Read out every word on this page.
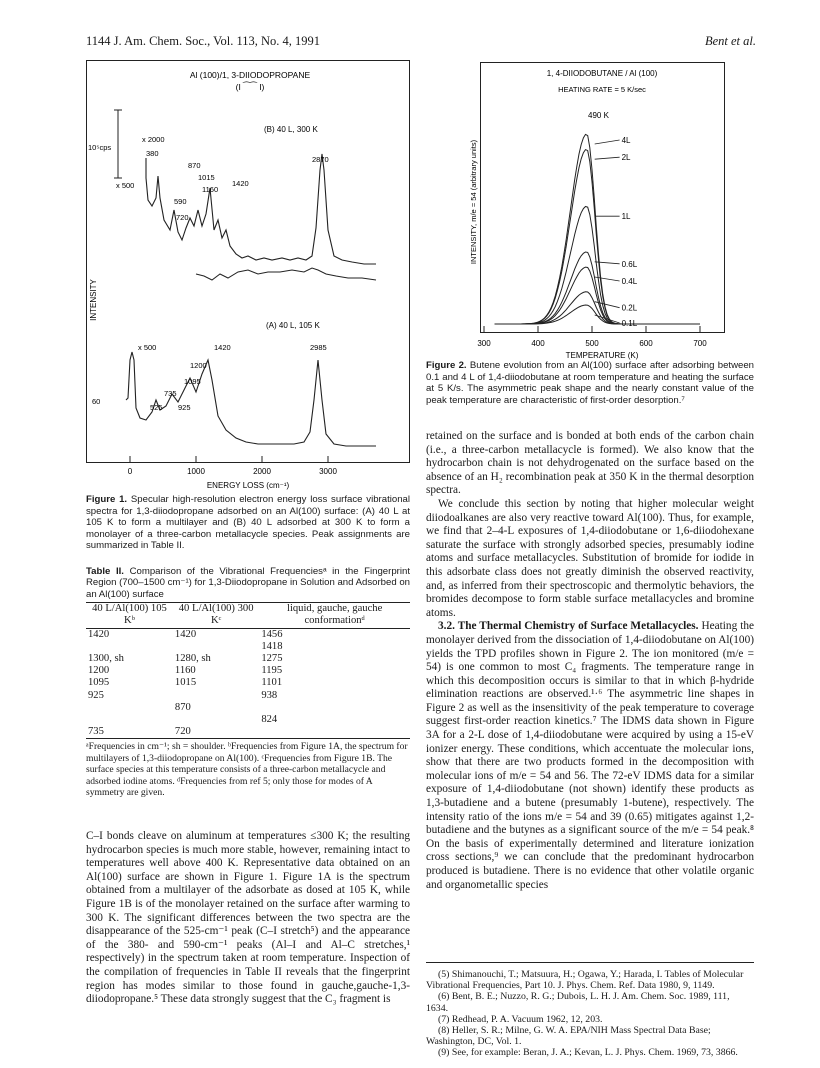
1144 J. Am. Chem. Soc., Vol. 113, No. 4, 1991	Bent et al.
Al (100)/1, 3-DIIODOPROPANE
(I ⁀⁀ I)
INTENSITY
10⁵cps
(B) 40 L, 300 K
x 2000
x 500
380
590
720
870
1015
1160
1420
2870
(A) 40 L, 105 K
x 500
60
525
735
925
1095
1200
1420	2985
0	1000	2000	3000
ENERGY LOSS (cm⁻¹)
Figure 1. Specular high-resolution electron energy loss surface vibrational spectra for 1,3-diiodopropane adsorbed on an Al(100) surface: (A) 40 L at 105 K to form a multilayer and (B) 40 L adsorbed at 300 K to form a monolayer of a three-carbon metallacycle species. Peak assignments are summarized in Table II.
Table II. Comparison of the Vibrational Frequenciesᵃ in the Fingerprint Region (700–1500 cm⁻¹) for 1,3-Diiodopropane in Solution and Adsorbed on an Al(100) surface
40 L/Al(100) 105 Kᵇ	40 L/Al(100) 300 Kᶜ	liquid, gauche, gauche conformationᵈ
1420	1420	1456
		1418
1300, sh	1280, sh	1275
1200	1160	1195
1095	1015	1101
925		938
	870	
		824
735	720	
ᵃFrequencies in cm⁻¹; sh = shoulder. ᵇFrequencies from Figure 1A, the spectrum for multilayers of 1,3-diiodopropane on Al(100). ᶜFrequencies from Figure 1B. The surface species at this temperature consists of a three-carbon metallacycle and adsorbed iodine atoms. ᵈFrequencies from ref 5; only those for modes of A symmetry are given.

C–I bonds cleave on aluminum at temperatures ≤300 K; the resulting hydrocarbon species is much more stable, however, remaining intact to temperatures well above 400 K. Representative data obtained on an Al(100) surface are shown in Figure 1. Figure 1A is the spectrum obtained from a multilayer of the adsorbate as dosed at 105 K, while Figure 1B is of the monolayer retained on the surface after warming to 300 K. The significant differences between the two spectra are the disappearance of the 525-cm⁻¹ peak (C–I stretch⁵) and the appearance of the 380- and 590-cm⁻¹ peaks (Al–I and Al–C stretches,¹ respectively) in the spectrum taken at room temperature. Inspection of the compilation of frequencies in Table II reveals that the fingerprint region has modes similar to those found in gauche,gauche-1,3-diiodopropane.⁵ These data strongly suggest that the C₃ fragment is

1, 4-DIIODOBUTANE / Al (100)
HEATING RATE = 5 K/sec
INTENSITY, m/e = 54 (arbitrary units)
490 K
4L
2L
1L
0.6L
0.4L
0.2L
0.1L
300	400	500	600	700
TEMPERATURE (K)
Figure 2. Butene evolution from an Al(100) surface after adsorbing between 0.1 and 4 L of 1,4-diiodobutane at room temperature and heating the surface at 5 K/s. The asymmetric peak shape and the nearly constant value of the peak temperature are characteristic of first-order desorption.⁷

retained on the surface and is bonded at both ends of the carbon chain (i.e., a three-carbon metallacycle is formed). We also know that the hydrocarbon chain is not dehydrogenated on the surface based on the absence of an H₂ recombination peak at 350 K in the thermal desorption spectra.

We conclude this section by noting that higher molecular weight diiodoalkanes are also very reactive toward Al(100). Thus, for example, we find that 2–4-L exposures of 1,4-diiodobutane or 1,6-diiodohexane saturate the surface with strongly adsorbed species, presumably iodine atoms and surface metallacycles. Substitution of bromide for iodide in this adsorbate class does not greatly diminish the observed reactivity, and, as inferred from their spectroscopic and thermolytic behaviors, the bromides decompose to form stable surface metallacycles and bromine atoms.

3.2. The Thermal Chemistry of Surface Metallacycles. Heating the monolayer derived from the dissociation of 1,4-diiodobutane on Al(100) yields the TPD profiles shown in Figure 2. The ion monitored (m/e = 54) is one common to most C₄ fragments. The temperature range in which this decomposition occurs is similar to that in which β-hydride elimination reactions are observed.¹·⁶ The asymmetric line shapes in Figure 2 as well as the insensitivity of the peak temperature to coverage suggest first-order reaction kinetics.⁷ The IDMS data shown in Figure 3A for a 2-L dose of 1,4-diiodobutane were acquired by using a 15-eV ionizer energy. These conditions, which accentuate the molecular ions, show that there are two products formed in the decomposition with molecular ions of m/e = 54 and 56. The 72-eV IDMS data for a similar exposure of 1,4-diiodobutane (not shown) identify these products as 1,3-butadiene and a butene (presumably 1-butene), respectively. The intensity ratio of the ions m/e = 54 and 39 (0.65) mitigates against 1,2-butadiene and the butynes as a significant source of the m/e = 54 peak.⁸ On the basis of experimentally determined and literature ionization cross sections,⁹ we can conclude that the predominant hydrocarbon produced is butadiene. There is no evidence that other volatile organic and organometallic species

(5) Shimanouchi, T.; Matsuura, H.; Ogawa, Y.; Harada, I. Tables of Molecular Vibrational Frequencies, Part 10. J. Phys. Chem. Ref. Data 1980, 9, 1149.
(6) Bent, B. E.; Nuzzo, R. G.; Dubois, L. H. J. Am. Chem. Soc. 1989, 111, 1634.
(7) Redhead, P. A. Vacuum 1962, 12, 203.
(8) Heller, S. R.; Milne, G. W. A. EPA/NIH Mass Spectral Data Base; Washington, DC, Vol. 1.
(9) See, for example: Beran, J. A.; Kevan, L. J. Phys. Chem. 1969, 73, 3866.
